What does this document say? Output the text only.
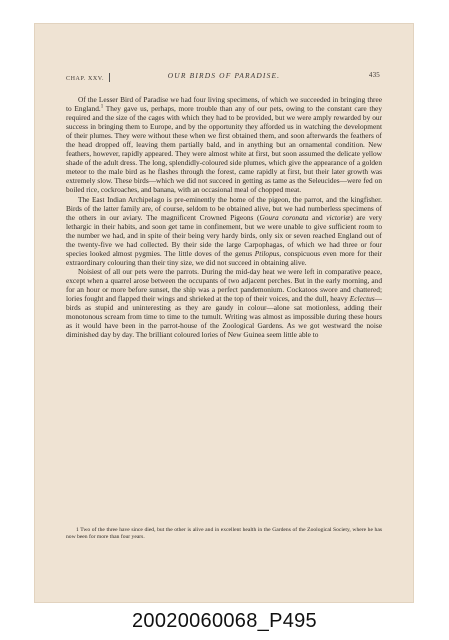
CHAP. XXV.	OUR BIRDS OF PARADISE.	435

Of the Lesser Bird of Paradise we had four living specimens, of which we succeeded in bringing three to England.$^1$ They gave us, perhaps, more trouble than any of our pets, owing to the constant care they required and the size of the cages with which they had to be provided, but we were amply rewarded by our success in bringing them to Europe, and by the opportunity they afforded us in watching the development of their plumes. They were without these when we first obtained them, and soon afterwards the feathers of the head dropped off, leaving them partially bald, and in anything but an ornamental condition. New feathers, however, rapidly appeared. They were almost white at first, but soon assumed the delicate yellow shade of the adult dress. The long, splendidly-coloured side plumes, which give the appearance of a golden meteor to the male bird as he flashes through the forest, came rapidly at first, but their later growth was extremely slow. These birds—which we did not succeed in getting as tame as the Seleucides—were fed on boiled rice, cockroaches, and banana, with an occasional meal of chopped meat.

The East Indian Archipelago is pre-eminently the home of the pigeon, the parrot, and the kingfisher. Birds of the latter family are, of course, seldom to be obtained alive, but we had numberless specimens of the others in our aviary. The magnificent Crowned Pigeons (Goura coronata and victoriæ) are very lethargic in their habits, and soon get tame in confinement, but we were unable to give sufficient room to the number we had, and in spite of their being very hardy birds, only six or seven reached England out of the twenty-five we had collected. By their side the large Carpophagas, of which we had three or four species looked almost pygmies. The little doves of the genus Ptilopus, conspicuous even more for their extraordinary colouring than their tiny size, we did not succeed in obtaining alive.

Noisiest of all our pets were the parrots. During the mid-day heat we were left in comparative peace, except when a quarrel arose between the occupants of two adjacent perches. But in the early morning, and for an hour or more before sunset, the ship was a perfect pandemonium. Cockatoos swore and chattered; lories fought and flapped their wings and shrieked at the top of their voices, and the dull, heavy Eclectus—birds as stupid and uninteresting as they are gaudy in colour—alone sat motionless, adding their monotonous scream from time to time to the tumult. Writing was almost as impossible during these hours as it would have been in the parrot-house of the Zoological Gardens. As we got westward the noise diminished day by day. The brilliant coloured lories of New Guinea seem little able to

1 Two of the three have since died, but the other is alive and in excellent health in the Gardens of the Zoological Society, where he has now been for more than four years.

20020060068_P495
